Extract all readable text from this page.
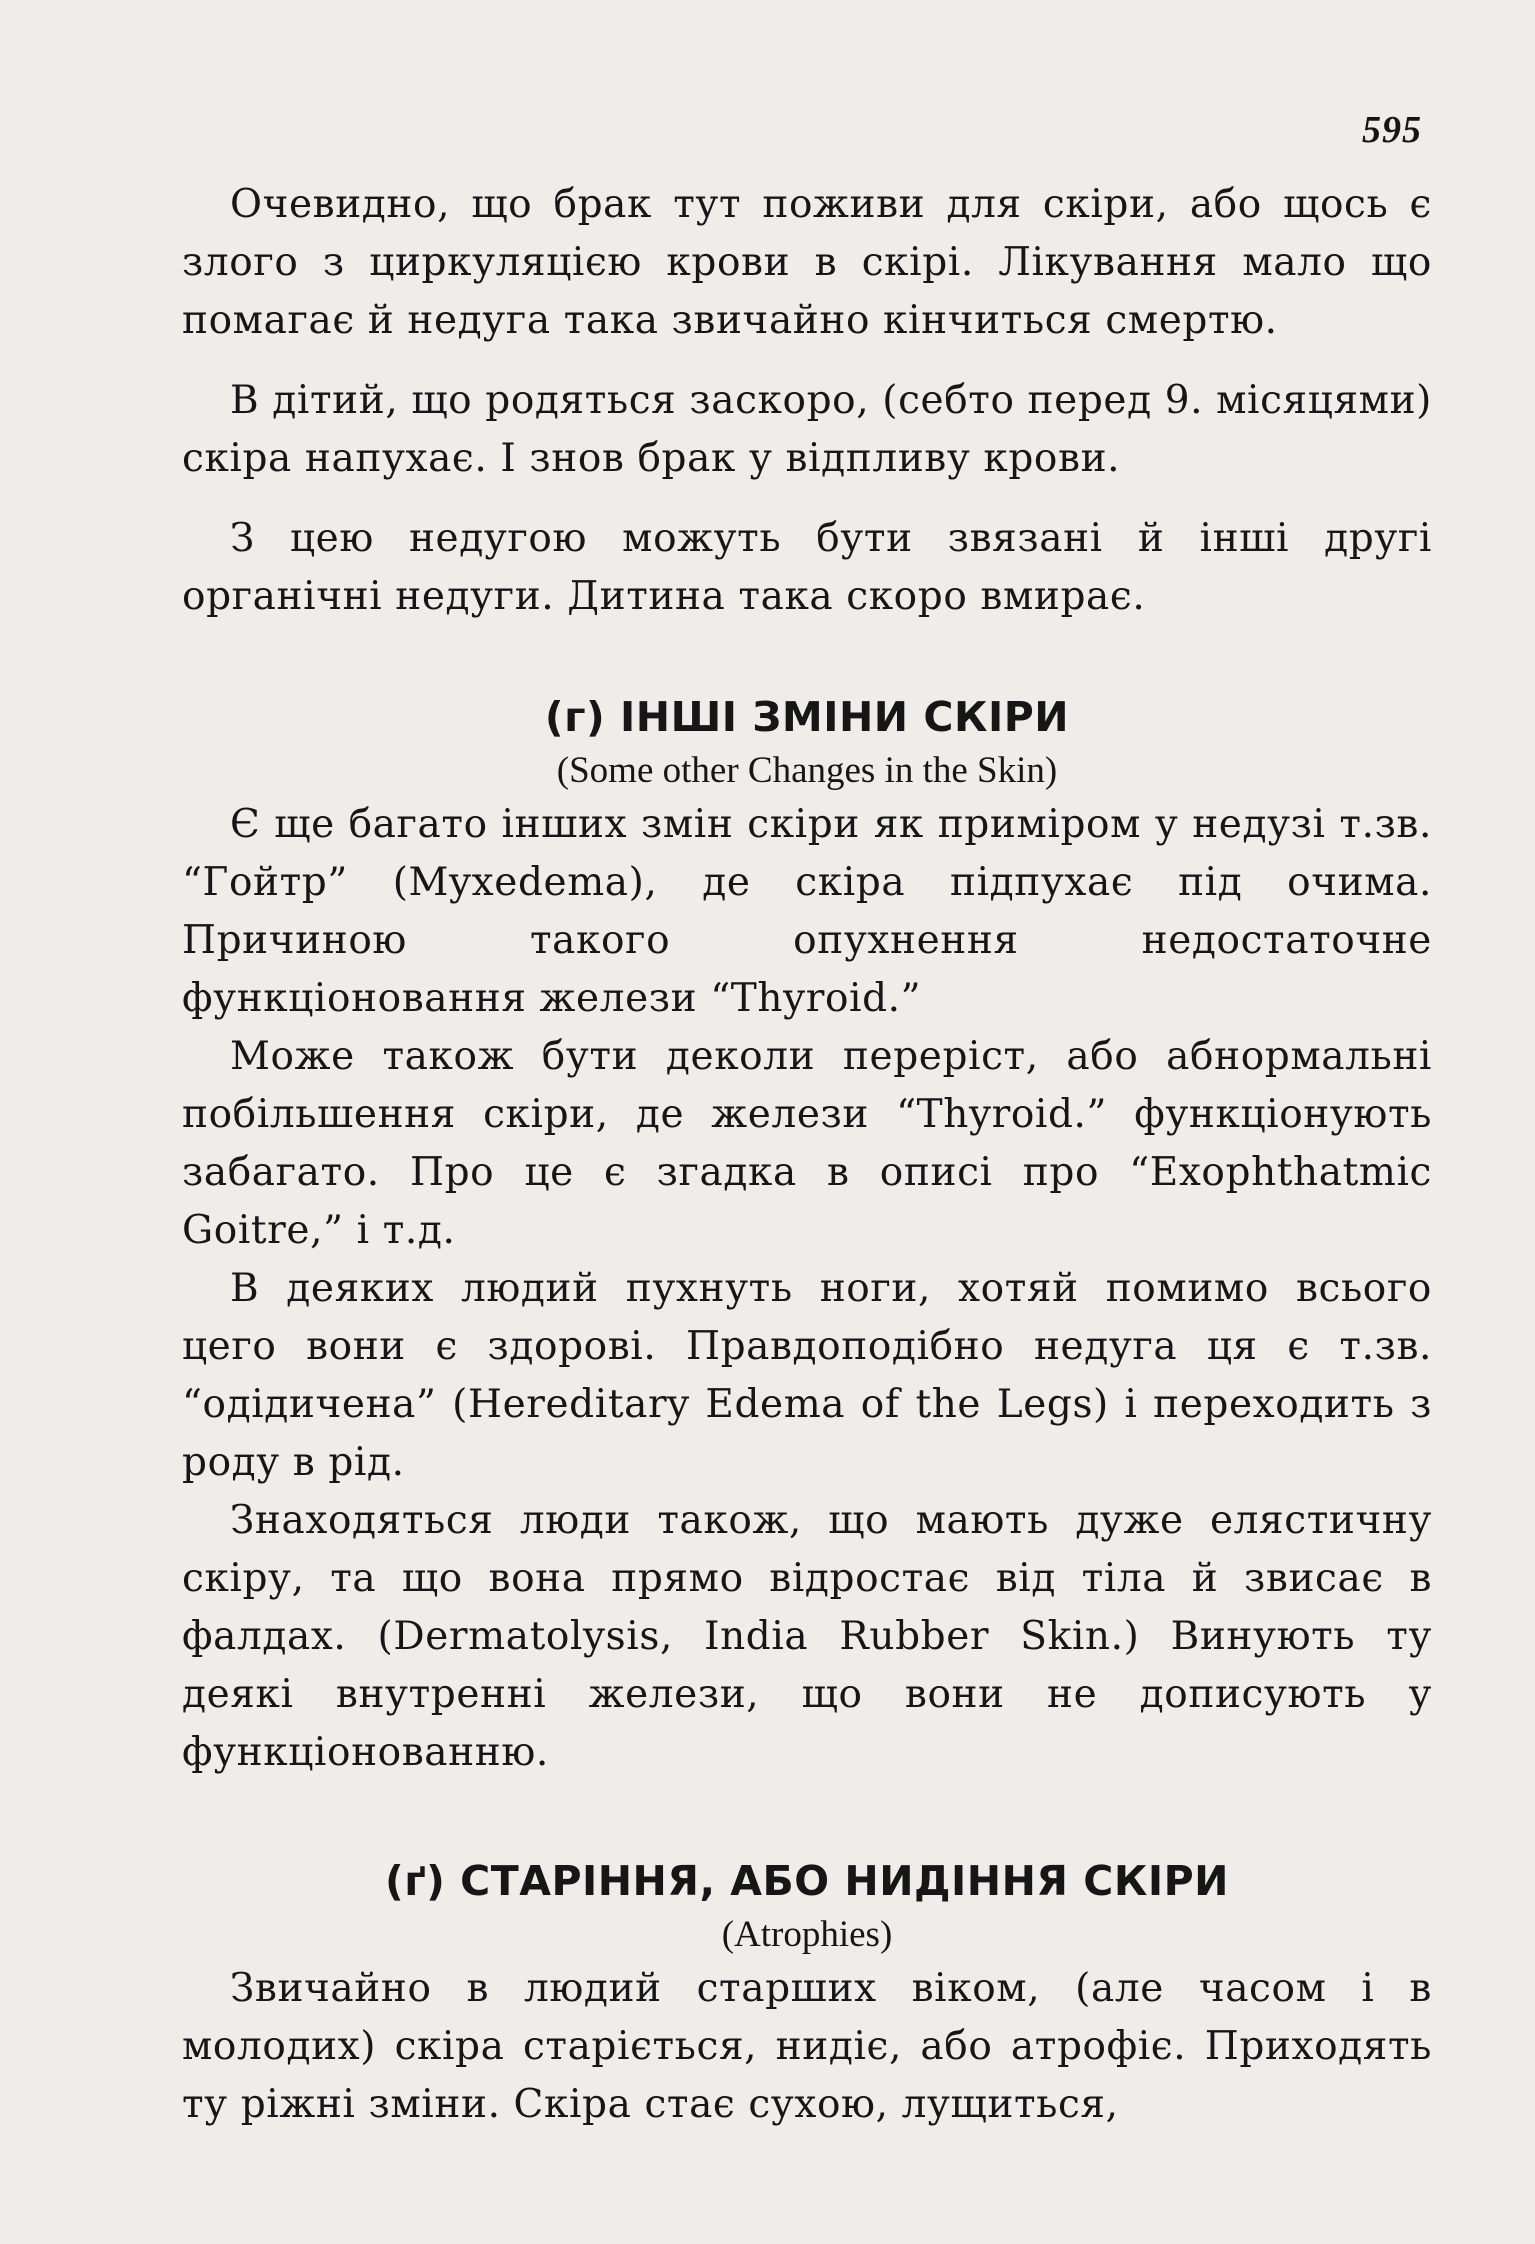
595

Очевидно, що брак тут поживи для скіри, або щось є злого з циркуляцією крови в скірі. Лікування мало що помагає й недуга така звичайно кінчиться смертю.

В дітий, що родяться заскоро, (себто перед 9. місяцями) скіра напухає. І знов брак у відпливу крови.

З цею недугою можуть бути звязані й інші другі органічні недуги. Дитина така скоро вмирає.

(г) ІНШІ ЗМІНИ СКІРИ
(Some other Changes in the Skin)

Є ще багато інших змін скіри як приміром у недузі т.зв. “Гойтр” (Myxedema), де скіра підпухає під очима. Причиною такого опухнення недостаточне функціоновання желези “Thyroid.”

Може також бути деколи переріст, або абнормальні побільшення скіри, де желези “Thyroid.” функціонують забагато. Про це є згадка в описі про “Exophthatmic Goitre,” і т.д.

В деяких людий пухнуть ноги, хотяй помимо всього цего вони є здорові. Правдоподібно недуга ця є т.зв. “одідичена” (Hereditary Edema of the Legs) і переходить з роду в рід.

Знаходяться люди також, що мають дуже елястичну скіру, та що вона прямо відростає від тіла й звисає в фалдах. (Dermatolysis, India Rubber Skin.) Винують ту деякі внутренні желези, що вони не дописують у функціонованню.

(ґ) СТАРІННЯ, АБО НИДІННЯ СКІРИ
(Atrophies)

Звичайно в людий старших віком, (але часом і в молодих) скіра старіється, нидіє, або атрофіє. Приходять ту ріжні зміни. Скіра стає сухою, лущиться,
